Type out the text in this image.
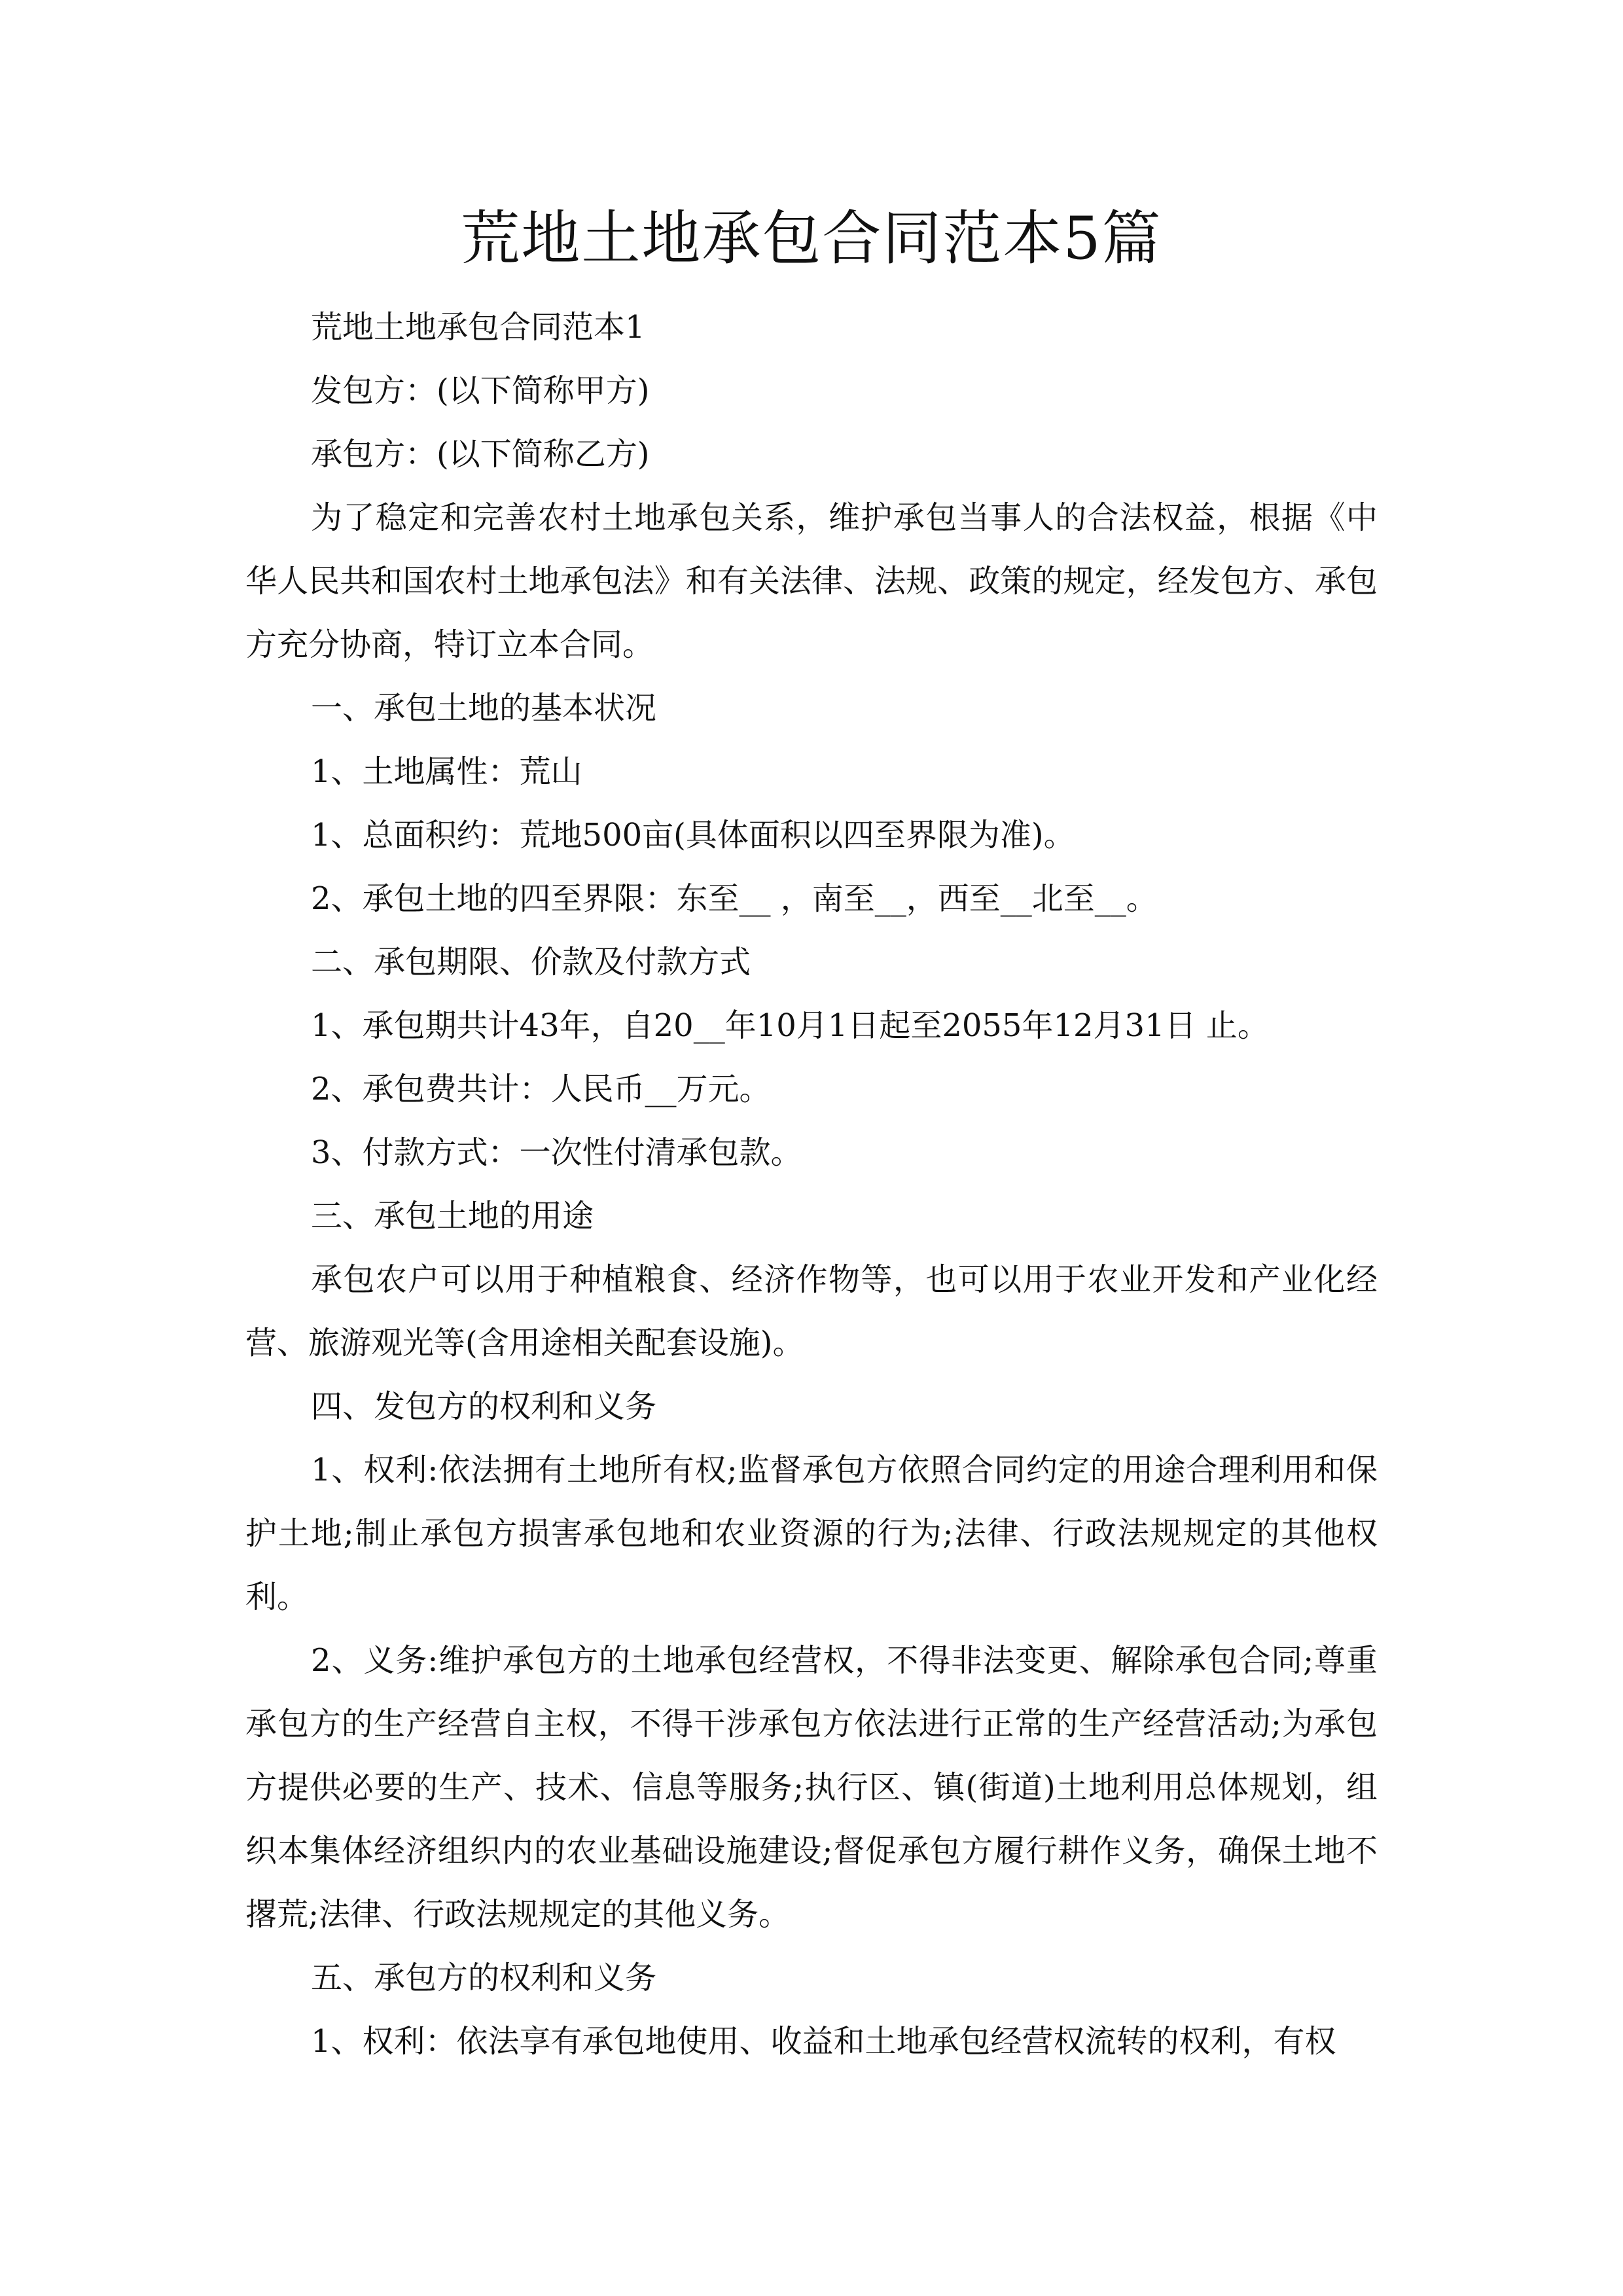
荒地土地承包合同范本5篇

荒地土地承包合同范本1

发包方：(以下简称甲方)

承包方：(以下简称乙方)

为了稳定和完善农村土地承包关系，维护承包当事人的合法权益，根据《中华人民共和国农村土地承包法》和有关法律、法规、政策的规定，经发包方、承包方充分协商，特订立本合同。

一、承包土地的基本状况

1、土地属性：荒山

1、总面积约：荒地500亩(具体面积以四至界限为准)。

2、承包土地的四至界限：东至__ ，南至__，西至__北至__。

二、承包期限、价款及付款方式

1、承包期共计43年，自20__年10月1日起至2055年12月31日 止。

2、承包费共计：人民币__万元。

3、付款方式：一次性付清承包款。

三、承包土地的用途

承包农户可以用于种植粮食、经济作物等，也可以用于农业开发和产业化经营、旅游观光等(含用途相关配套设施)。

四、发包方的权利和义务

1、权利:依法拥有土地所有权;监督承包方依照合同约定的用途合理利用和保护土地;制止承包方损害承包地和农业资源的行为;法律、行政法规规定的其他权利。

2、义务:维护承包方的土地承包经营权，不得非法变更、解除承包合同;尊重承包方的生产经营自主权，不得干涉承包方依法进行正常的生产经营活动;为承包方提供必要的生产、技术、信息等服务;执行区、镇(街道)土地利用总体规划，组织本集体经济组织内的农业基础设施建设;督促承包方履行耕作义务，确保土地不撂荒;法律、行政法规规定的其他义务。

五、承包方的权利和义务

1、权利：依法享有承包地使用、收益和土地承包经营权流转的权利，有权
